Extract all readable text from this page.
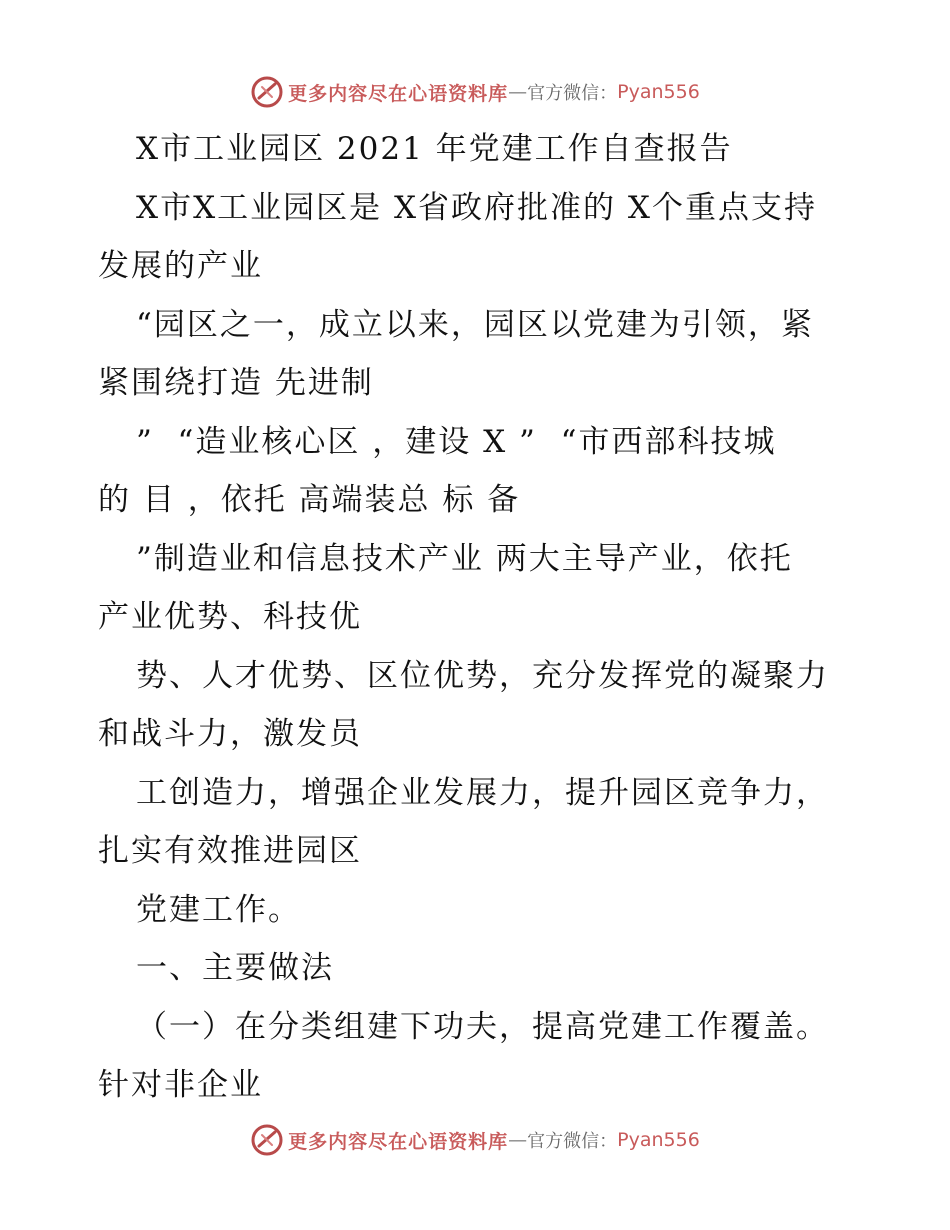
更多内容尽在心语资料库 — 官方微信： Pyan556
X市工业园区 2021 年党建工作自查报告
X市X工业园区是 X省政府批准的 X个重点支持
发展的产业
“园区之一，成立以来，园区以党建为引领，紧
紧围绕打造 先进制
”  “造业核心区 ，建设 X ”  “市西部科技城
的 目 ，依托 高端装总 标 备
”制造业和信息技术产业 两大主导产业，依托
产业优势、科技优
势、人才优势、区位优势，充分发挥党的凝聚力
和战斗力，激发员
工创造力，增强企业发展力，提升园区竞争力，
扎实有效推进园区
党建工作。
一、主要做法
（一）在分类组建下功夫，提高党建工作覆盖。
针对非企业
更多内容尽在心语资料库 — 官方微信： Pyan556
